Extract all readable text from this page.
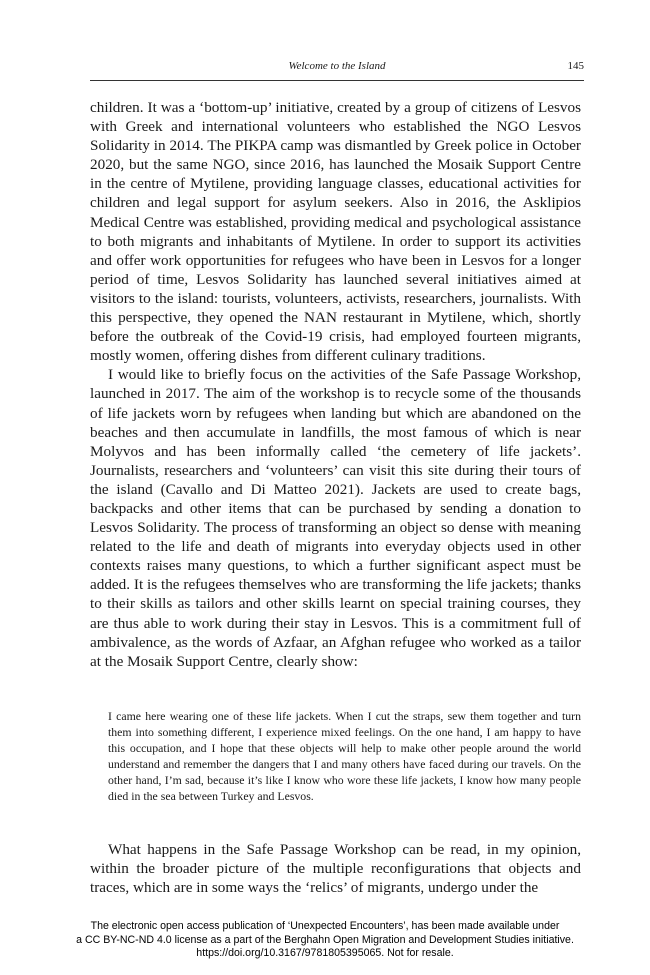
Welcome to the Island	145

children. It was a ‘bottom-up’ initiative, created by a group of citizens of Lesvos with Greek and international volunteers who established the NGO Lesvos Solidarity in 2014. The PIKPA camp was dismantled by Greek police in October 2020, but the same NGO, since 2016, has launched the Mosaik Support Centre in the centre of Mytilene, providing language classes, educational activities for children and legal support for asylum seekers. Also in 2016, the Asklipios Medical Centre was established, providing medical and psychological assistance to both migrants and inhabitants of Mytilene. In order to support its activities and offer work opportunities for refugees who have been in Lesvos for a longer period of time, Lesvos Solidarity has launched several initiatives aimed at visitors to the island: tourists, volunteers, activists, researchers, journalists. With this perspective, they opened the NAN restaurant in Mytilene, which, shortly before the outbreak of the Covid-19 crisis, had employed fourteen migrants, mostly women, offering dishes from different culinary traditions.

I would like to briefly focus on the activities of the Safe Passage Workshop, launched in 2017. The aim of the workshop is to recycle some of the thousands of life jackets worn by refugees when landing but which are abandoned on the beaches and then accumulate in landfills, the most famous of which is near Molyvos and has been informally called ‘the cemetery of life jackets’. Journalists, researchers and ‘volunteers’ can visit this site during their tours of the island (Cavallo and Di Matteo 2021). Jackets are used to create bags, backpacks and other items that can be purchased by sending a donation to Lesvos Solidarity. The process of transforming an object so dense with meaning related to the life and death of migrants into everyday objects used in other contexts raises many questions, to which a further significant aspect must be added. It is the refugees themselves who are transforming the life jackets; thanks to their skills as tailors and other skills learnt on special training courses, they are thus able to work during their stay in Lesvos. This is a commitment full of ambivalence, as the words of Azfaar, an Afghan refugee who worked as a tailor at the Mosaik Support Centre, clearly show:

I came here wearing one of these life jackets. When I cut the straps, sew them together and turn them into something different, I experience mixed feelings. On the one hand, I am happy to have this occupation, and I hope that these objects will help to make other people around the world understand and remember the dangers that I and many others have faced during our travels. On the other hand, I’m sad, because it’s like I know who wore these life jackets, I know how many people died in the sea between Turkey and Lesvos.

What happens in the Safe Passage Workshop can be read, in my opinion, within the broader picture of the multiple reconfigurations that objects and traces, which are in some ways the ‘relics’ of migrants, undergo under the

The electronic open access publication of ‘Unexpected Encounters’, has been made available under
a CC BY-NC-ND 4.0 license as a part of the Berghahn Open Migration and Development Studies initiative.
https://doi.org/10.3167/9781805395065. Not for resale.
